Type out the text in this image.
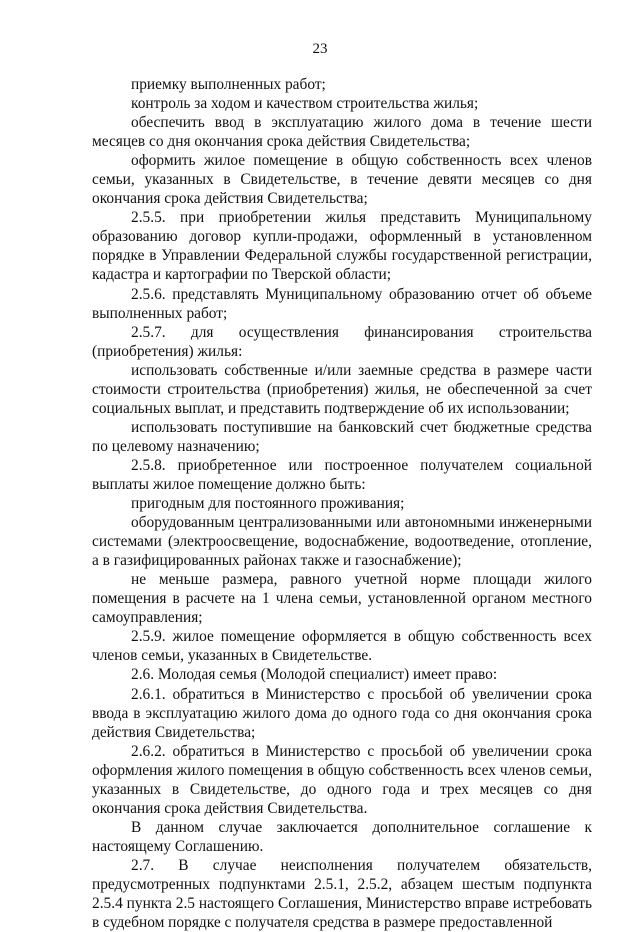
23

приемку выполненных работ;

контроль за ходом и качеством строительства жилья;

обеспечить ввод в эксплуатацию жилого дома в течение шести месяцев со дня окончания срока действия Свидетельства;

оформить жилое помещение в общую собственность всех членов семьи, указанных в Свидетельстве, в течение девяти месяцев со дня окончания срока действия Свидетельства;

2.5.5. при приобретении жилья представить Муниципальному образованию договор купли-продажи, оформленный в установленном порядке в Управлении Федеральной службы государственной регистрации, кадастра и картографии по Тверской области;

2.5.6. представлять Муниципальному образованию отчет об объеме выполненных работ;

2.5.7. для осуществления финансирования строительства (приобретения) жилья:

использовать собственные и/или заемные средства в размере части стоимости строительства (приобретения) жилья, не обеспеченной за счет социальных выплат, и представить подтверждение об их использовании;

использовать поступившие на банковский счет бюджетные средства по целевому назначению;

2.5.8. приобретенное или построенное получателем социальной выплаты жилое помещение должно быть:

пригодным для постоянного проживания;

оборудованным централизованными или автономными инженерными системами (электроосвещение, водоснабжение, водоотведение, отопление, а в газифицированных районах также и газоснабжение);

не меньше размера, равного учетной норме площади жилого помещения в расчете на 1 члена семьи, установленной органом местного самоуправления;

2.5.9. жилое помещение оформляется в общую собственность всех членов семьи, указанных в Свидетельстве.

2.6. Молодая семья (Молодой специалист) имеет право:

2.6.1. обратиться в Министерство с просьбой об увеличении срока ввода в эксплуатацию жилого дома до одного года со дня окончания срока действия Свидетельства;

2.6.2. обратиться в Министерство с просьбой об увеличении срока оформления жилого помещения в общую собственность всех членов семьи, указанных в Свидетельстве, до одного года и трех месяцев со дня окончания срока действия Свидетельства.

В данном случае заключается дополнительное соглашение к настоящему Соглашению.

2.7. В случае неисполнения получателем обязательств, предусмотренных подпунктами 2.5.1, 2.5.2, абзацем шестым подпункта 2.5.4 пункта 2.5 настоящего Соглашения, Министерство вправе истребовать в судебном порядке с получателя средства в размере предоставленной
